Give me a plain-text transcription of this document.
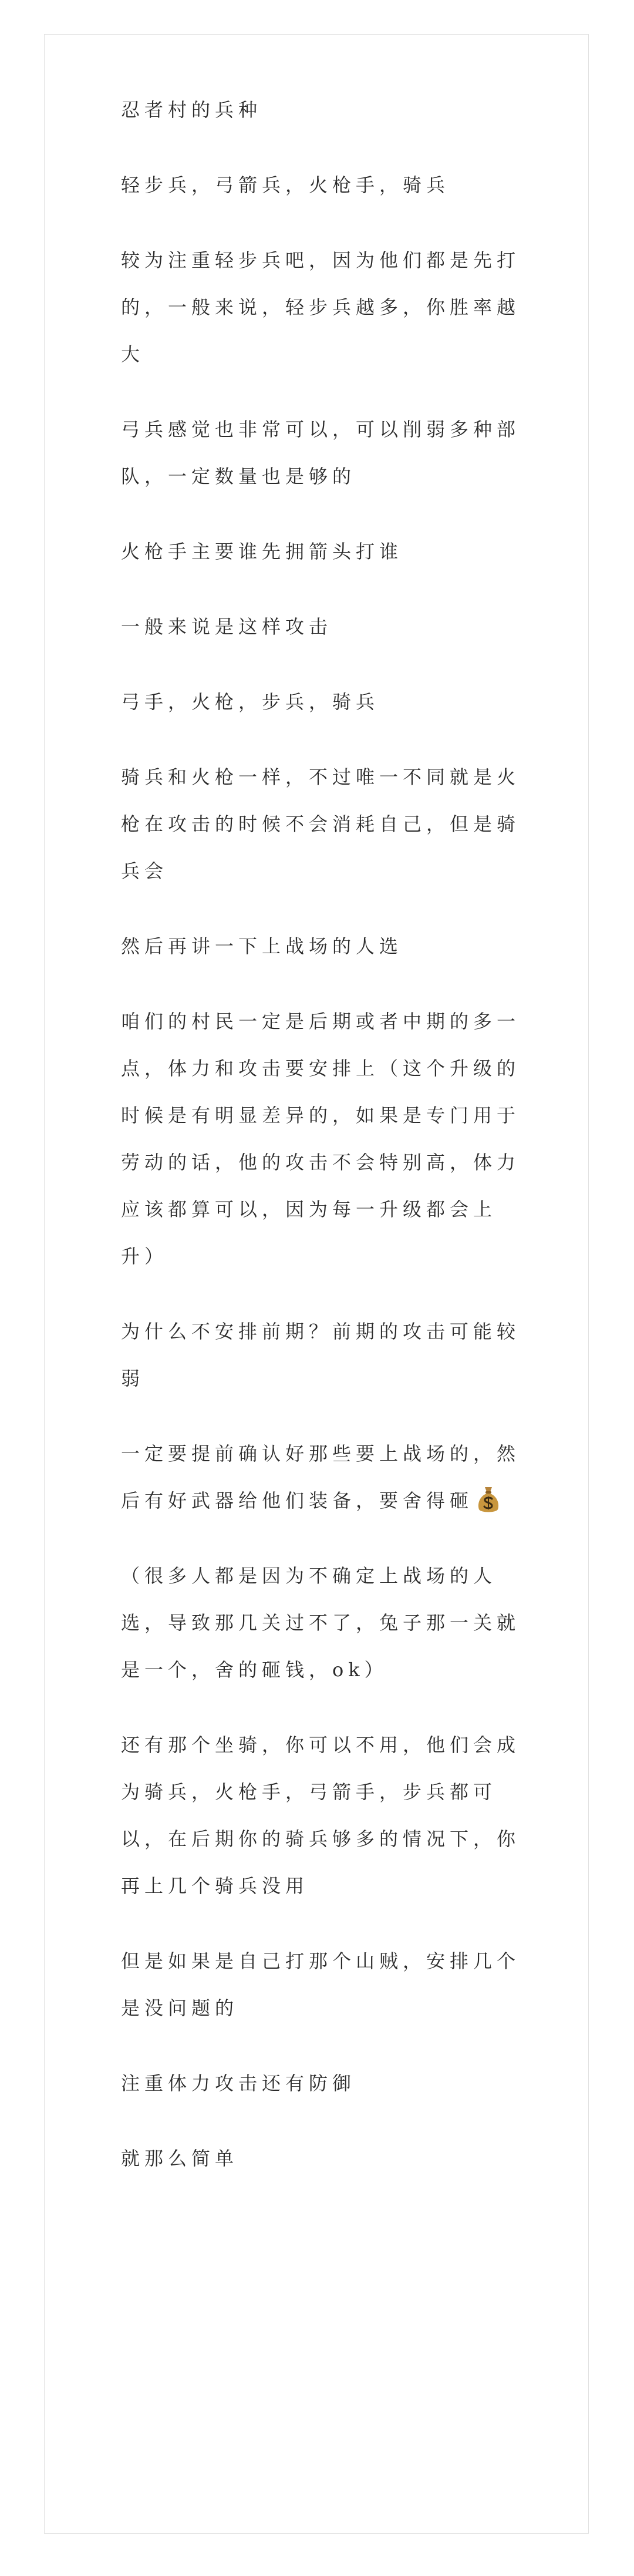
忍者村的兵种

轻步兵，弓箭兵，火枪手，骑兵

较为注重轻步兵吧，因为他们都是先打的，一般来说，轻步兵越多，你胜率越大

弓兵感觉也非常可以，可以削弱多种部队，一定数量也是够的

火枪手主要谁先拥箭头打谁

一般来说是这样攻击

弓手，火枪，步兵，骑兵

骑兵和火枪一样，不过唯一不同就是火枪在攻击的时候不会消耗自己，但是骑兵会

然后再讲一下上战场的人选

咱们的村民一定是后期或者中期的多一点，体力和攻击要安排上（这个升级的时候是有明显差异的，如果是专门用于劳动的话，他的攻击不会特别高，体力应该都算可以，因为每一升级都会上升）

为什么不安排前期？前期的攻击可能较弱

一定要提前确认好那些要上战场的，然后有好武器给他们装备，要舍得砸

（很多人都是因为不确定上战场的人选，导致那几关过不了，兔子那一关就是一个，舍的砸钱，ok）

还有那个坐骑，你可以不用，他们会成为骑兵，火枪手，弓箭手，步兵都可以，在后期你的骑兵够多的情况下，你再上几个骑兵没用

但是如果是自己打那个山贼，安排几个是没问题的

注重体力攻击还有防御

就那么简单
